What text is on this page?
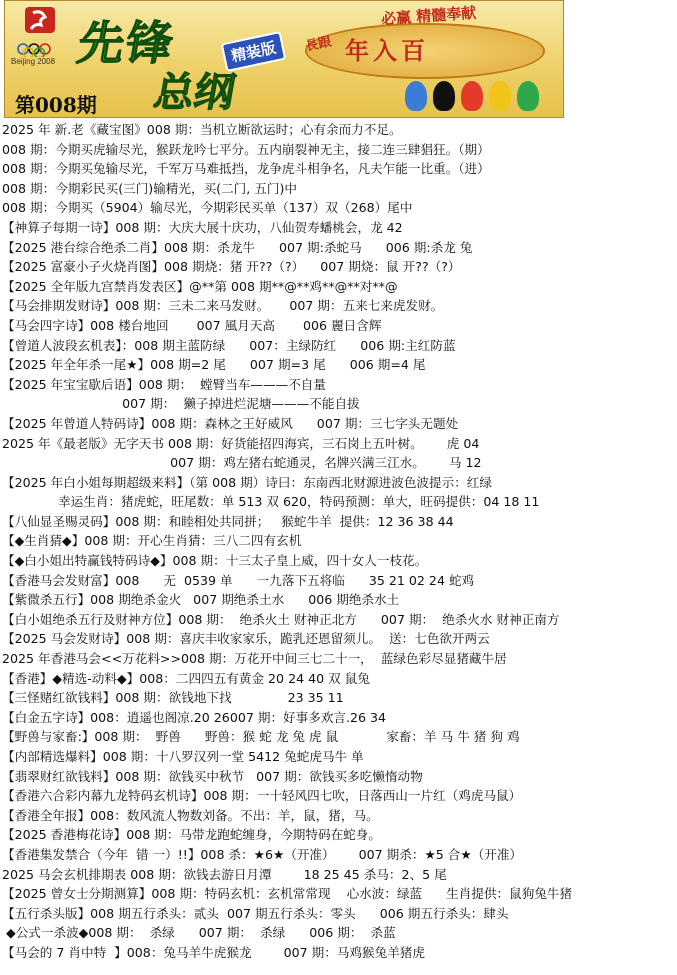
Beijing 2008 先锋	精装版
总纲
第008期
長跟 年入百
必赢 精髓奉献
2025 年 新.老《藏宝图》008 期：当机立断欲运时；心有余而力不足。
008 期：今期买虎输尽光，猴跃龙吟七平分。五内崩裂神无主，接二连三肆猖狂。（期）
008 期：今期买兔输尽光，千军万马难抵挡，龙争虎斗相争名，凡夫乍能一比重。（进）
008 期：今期彩民买(三门)输精光，买(二门, 五门)中
008 期：今期买（5904）输尽光，今期彩民买单（137）双（268）尾中
【神算子每期一诗】008 期：大庆大展十庆功，八仙贺寿蟠桃会，龙 42
【2025 港台综合绝杀二肖】008 期：杀龙牛      007 期:杀蛇马      006 期:杀龙 兔
【2025 富豪小子火烧肖图】008 期烧：猪 开??（?）    007 期烧：鼠 开??（?）
【2025 全年版九宫禁肖发表区】@**第 008 期**@**鸡**@**对**@
【马会排期发财诗】008 期：三未二来马发财。     007 期：五来七来虎发财。
【马会四字诗】008 楼台地回       007 風月天高       006 麗日含辉
【曾道人波段玄机表】：008 期主蓝防绿      007：主绿防红      006 期:主红防蓝
【2025 年全年杀一尾★】008 期=2 尾      007 期=3 尾      006 期=4 尾
【2025 年宝宝歇后语】008 期：  螳臂当车———不自量
007 期：  獭子掉进烂泥塘———不能自拔
【2025 年曾道人特码诗】008 期：森林之王好威风      007 期：三七字头无题处
2025 年《最老版》无字天书 008 期：好货能招四海宾，三石岗上五叶树。      虎 04
007 期：鸡左猪右蛇通灵，名牌兴满三江水。      马 12
【2025 年白小姐每期超级来料】（第 008 期）诗曰：东南西北财源进波色波提示：红绿
幸运生肖：猪虎蛇，旺尾数：单 513 双 620，特码预测：单大，旺码提供：04 18 11
【八仙显圣赐灵码】008 期：和睦相处共同拼；   猴蛇牛羊  提供：12 36 38 44
【◆生肖猜◆】008 期：开心生肖猜：三八二四有玄机
【◆白小姐出特赢钱特码诗◆】008 期：十三太子皇上威，四十女人一枝花。
【香港马会发财富】008      无  0539 单      一九落下五将临      35 21 02 24 蛇鸡
【紫微杀五行】008 期绝杀金火   007 期绝杀土水      006 期绝杀水土
【白小姐绝杀五行及财神方位】008 期：  绝杀火土 财神正北方      007 期：  绝杀火水 财神正南方
【2025 马会发财诗】008 期：喜庆丰收家家乐，跪乳还恩留须儿。  送：七色欲开两云
2025 年香港马会<<万花料>>008 期：万花开中间三七二十一，  蓝绿色彩尽显猪藏牛居
【香港】◆精选-动料◆】008：二四四五有黄金 20 24 40 双 鼠兔
【三怪赌红欲钱料】008 期：欲钱地下找              23 35 11
【白金五字诗】008：逍遥也阁凉.20 26007 期：好事多欢言.26 34
【野兽与家畜:】008 期：  野兽      野兽：猴 蛇 龙 兔 虎 鼠            家畜：羊 马 牛 猪 狗 鸡
【内部精选爆料】008 期：十八罗汉列一堂 5412 兔蛇虎马牛 单
【翡翠财红欲钱料】008 期：欲钱买中秋节   007 期：欲钱买多吃懒惰动物
【香港六合彩内幕九龙特码玄机诗】008 期：一十轻风四七吹，日落西山一片红（鸡虎马鼠）
【香港全年报】008：数风流人物数刘备。不出：羊，鼠，猪，马。
【2025 香港梅花诗】008 期：马带龙跑蛇缠身，今期特码在蛇身。
【香港集发禁合（今年  错 一）!!】008 杀：★6★（开准）      007 期杀：★5 合★（开准）
2025 马会玄机排期表 008 期：欲钱去游日月潭        18 25 45 杀马：2、5 尾
【2025 曾女士分期测算】008 期：特码玄机：玄机常常现    心水波：绿蓝      生肖提供：鼠狗兔牛猪
【五行杀头版】008 期五行杀头：贰头  007 期五行杀头：零头      006 期五行杀头：肆头
◆公式一杀波◆008 期：  杀绿      007 期：  杀绿      006 期：  杀蓝
【马会的 7 肖中特  】008：兔马羊牛虎猴龙        007 期：马鸡猴兔羊猪虎
